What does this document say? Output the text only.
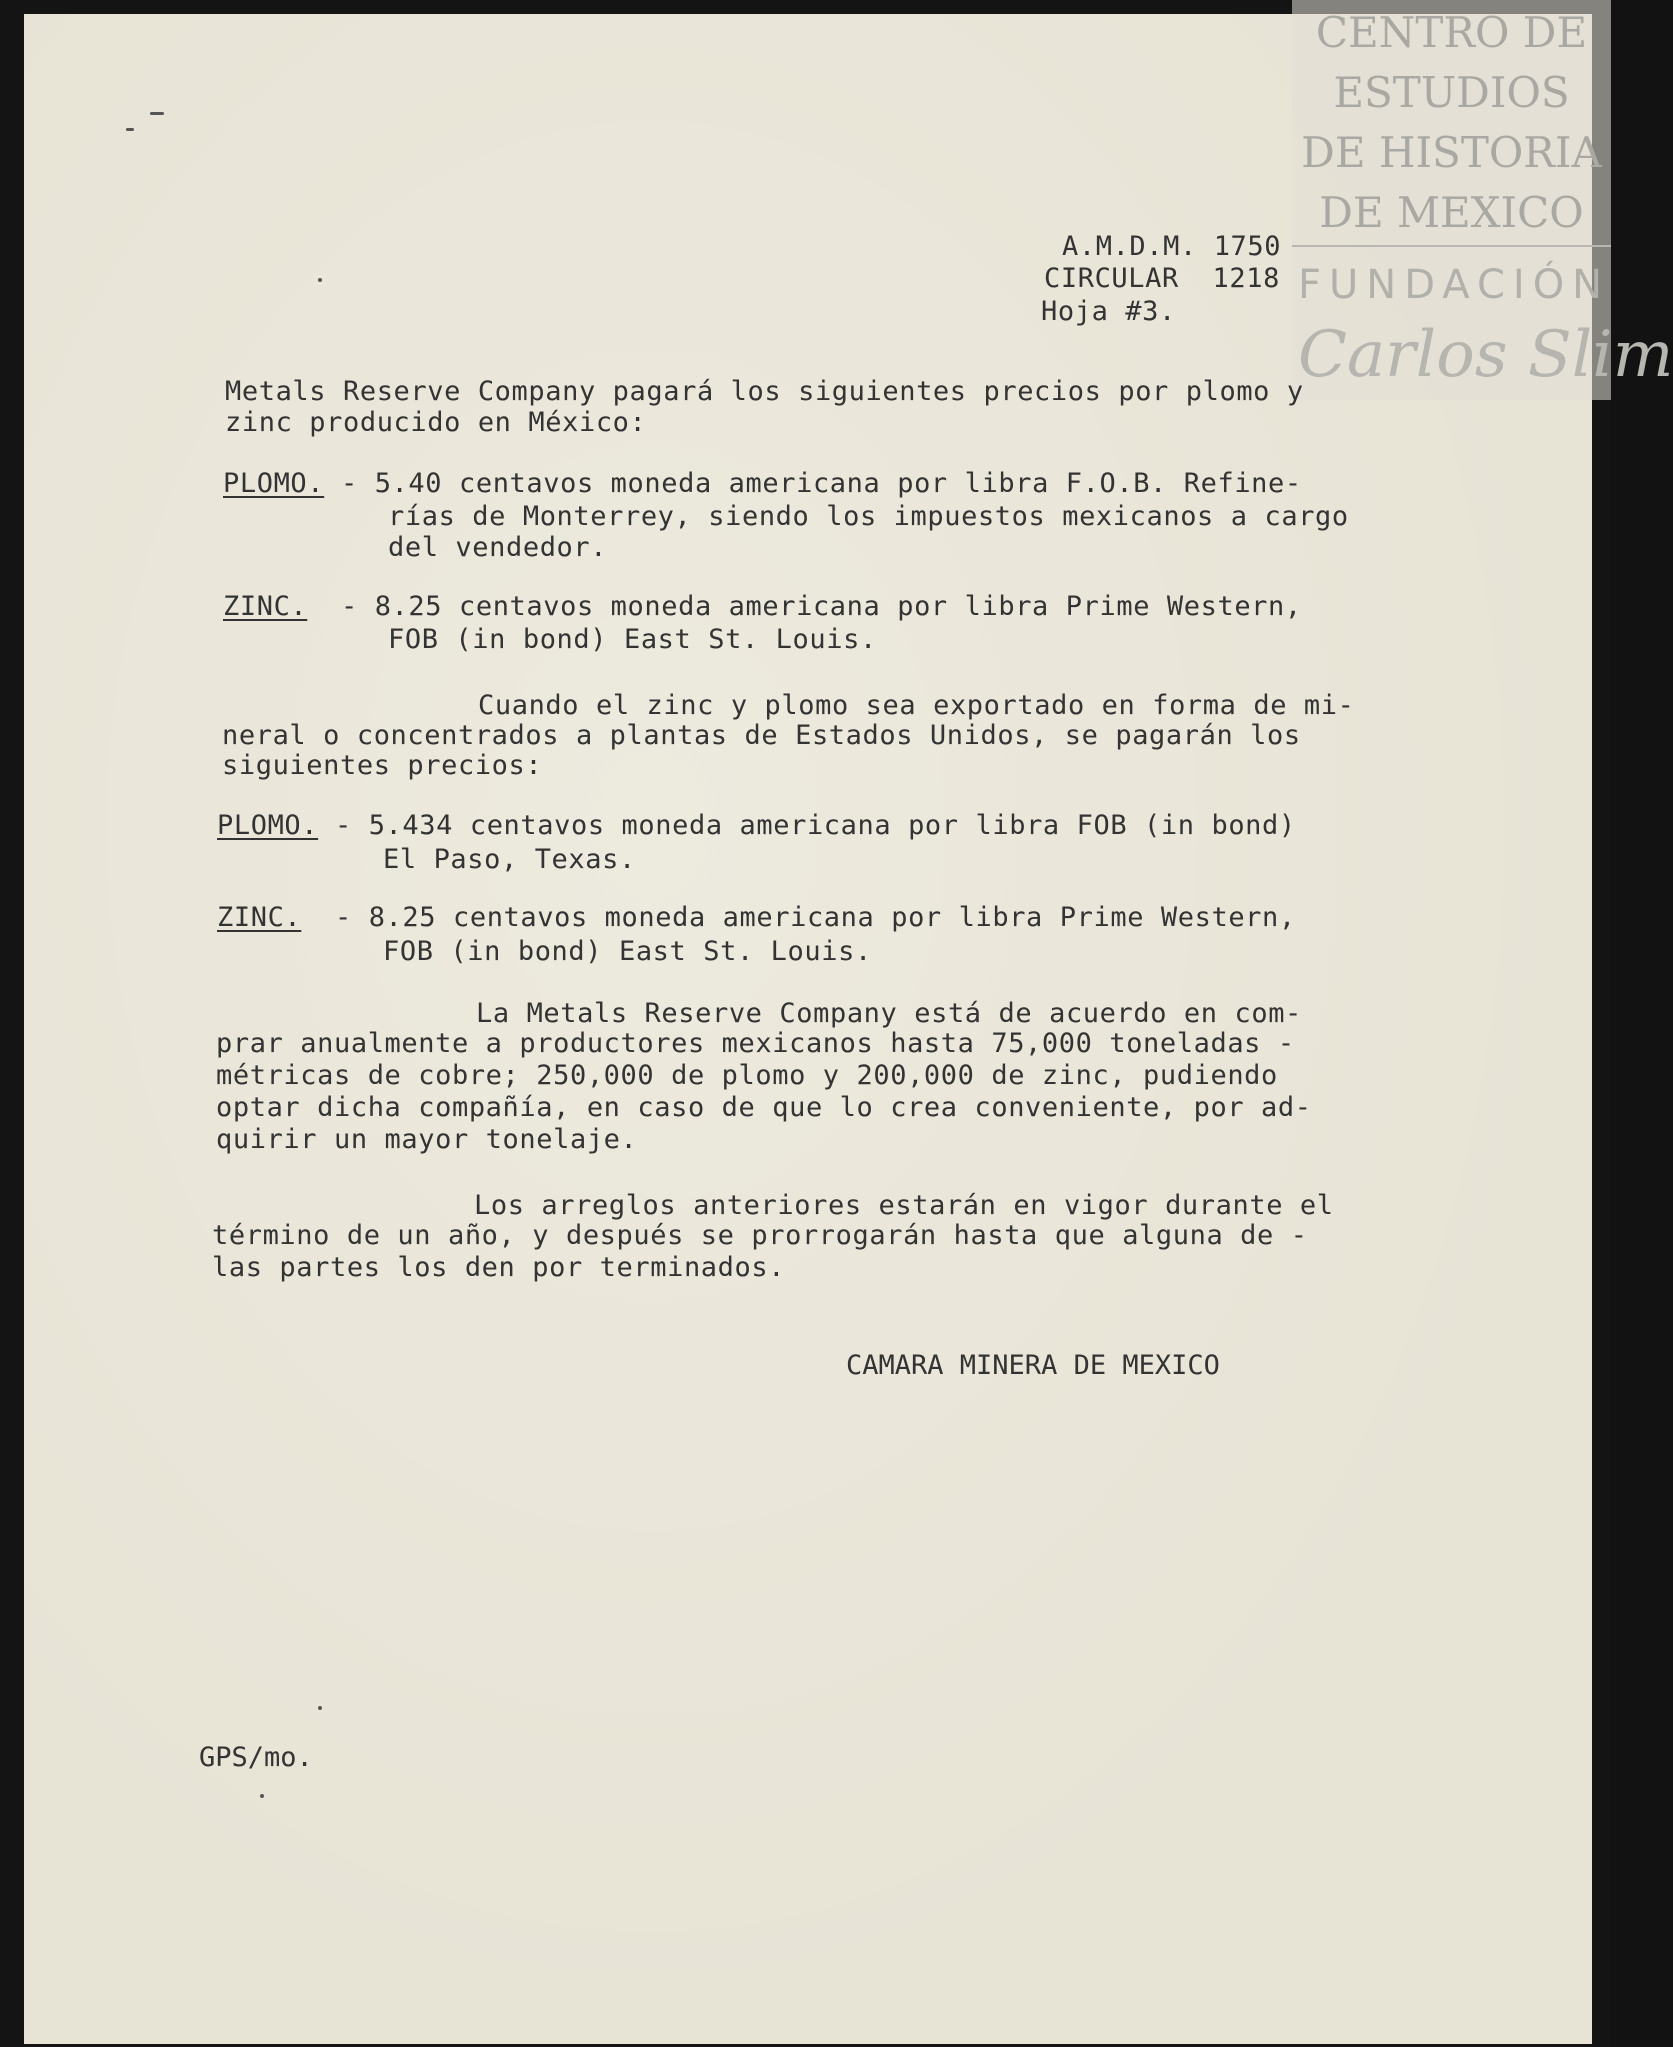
CENTRO DE
ESTUDIOS
DE HISTORIA
DE MEXICO
FUNDACIÓN
Carlos Slim
A.M.D.M. 1750
CIRCULAR  1218
Hoja #3.
Metals Reserve Company pagará los siguientes precios por plomo y
zinc producido en México:
PLOMO. - 5.40 centavos moneda americana por libra F.O.B. Refine-
rías de Monterrey, siendo los impuestos mexicanos a cargo
del vendedor.
ZINC.  - 8.25 centavos moneda americana por libra Prime Western,
FOB (in bond) East St. Louis.
Cuando el zinc y plomo sea exportado en forma de mi-
neral o concentrados a plantas de Estados Unidos, se pagarán los
siguientes precios:
PLOMO. - 5.434 centavos moneda americana por libra FOB (in bond)
El Paso, Texas.
ZINC.  - 8.25 centavos moneda americana por libra Prime Western,
FOB (in bond) East St. Louis.
La Metals Reserve Company está de acuerdo en com-
prar anualmente a productores mexicanos hasta 75,000 toneladas -
métricas de cobre; 250,000 de plomo y 200,000 de zinc, pudiendo
optar dicha compañía, en caso de que lo crea conveniente, por ad-
quirir un mayor tonelaje.
Los arreglos anteriores estarán en vigor durante el
término de un año, y después se prorrogarán hasta que alguna de -
las partes los den por terminados.
CAMARA MINERA DE MEXICO
GPS/mo.
